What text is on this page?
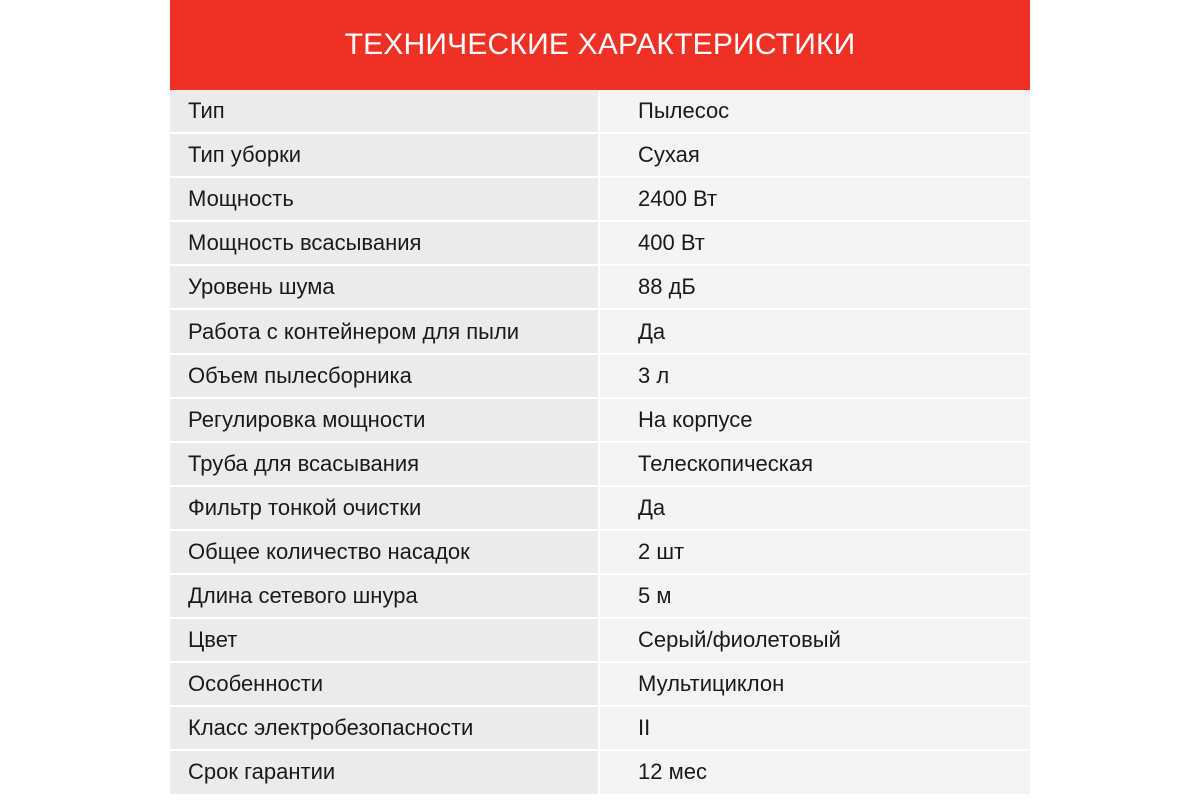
ТЕХНИЧЕСКИЕ ХАРАКТЕРИСТИКИ
Тип	Пылесос
Тип уборки	Сухая
Мощность	2400 Вт
Мощность всасывания	400 Вт
Уровень шума	88 дБ
Работа с контейнером для пыли	Да
Объем пылесборника	3 л
Регулировка мощности	На корпусе
Труба для всасывания	Телескопическая
Фильтр тонкой очистки	Да
Общее количество насадок	2 шт
Длина сетевого шнура	5 м
Цвет	Серый/фиолетовый
Особенности	Мультициклон
Класс электробезопасности	II
Срок гарантии	12 мес
